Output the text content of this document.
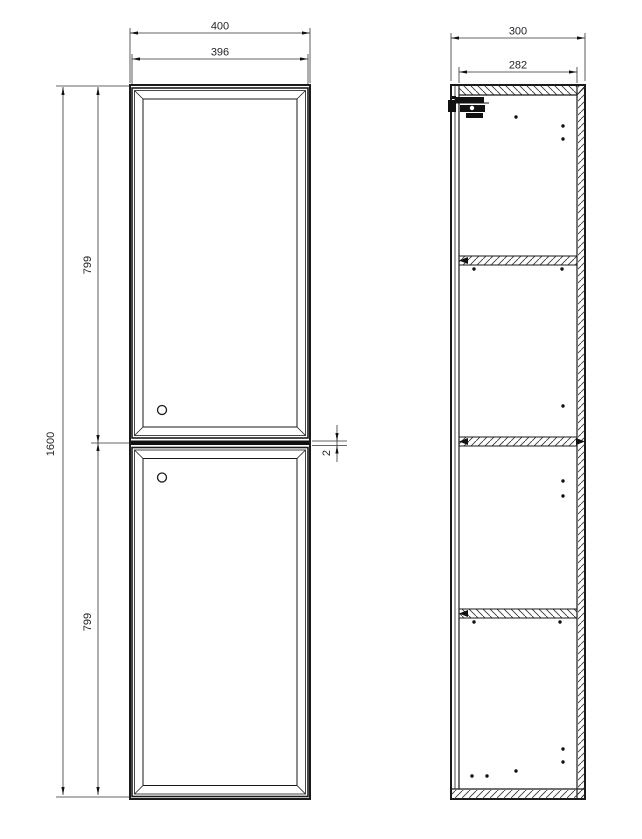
400
396
1600
799
799
2
300
282
